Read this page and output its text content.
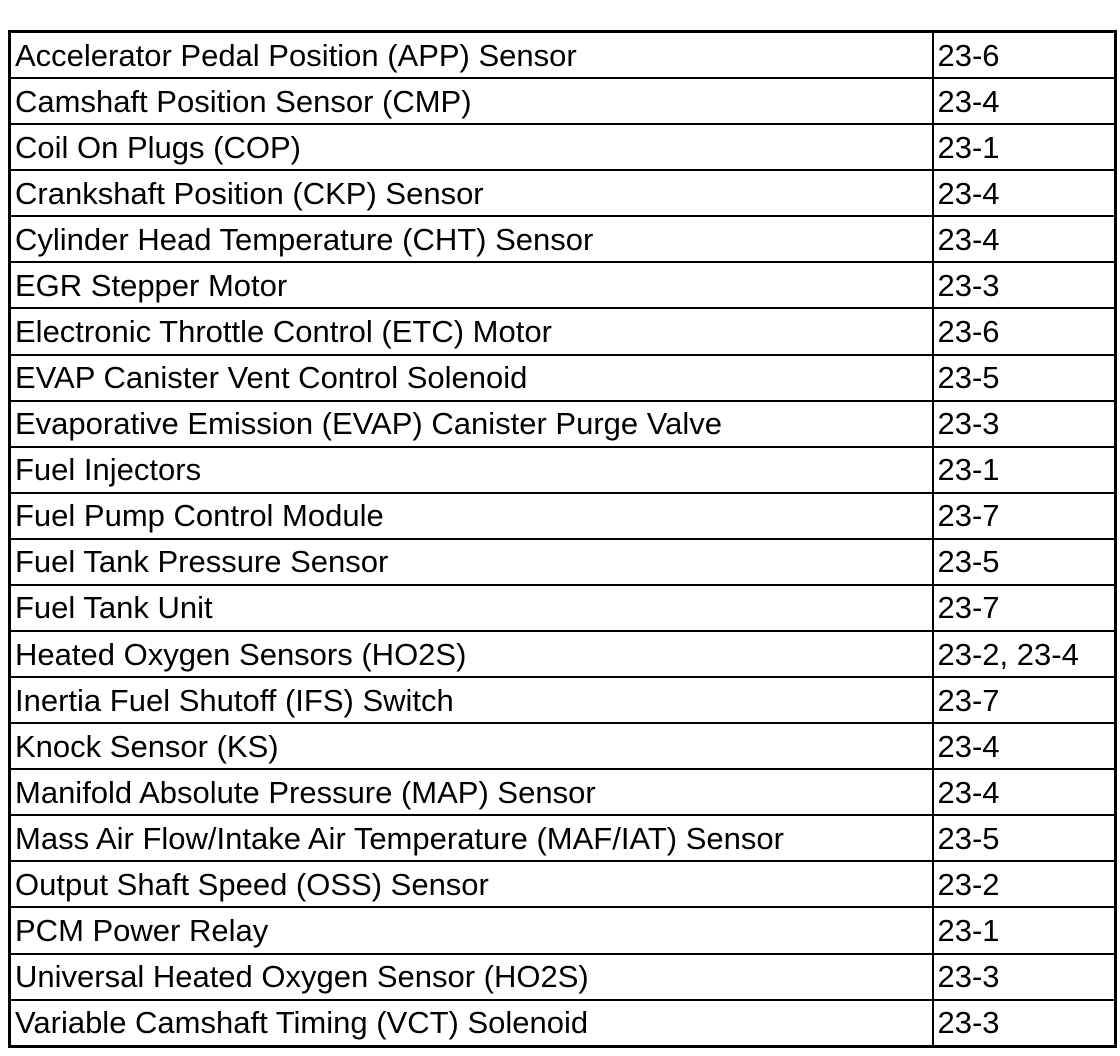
Accelerator Pedal Position (APP) Sensor	23-6
Camshaft Position Sensor (CMP)	23-4
Coil On Plugs (COP)	23-1
Crankshaft Position (CKP) Sensor	23-4
Cylinder Head Temperature (CHT) Sensor	23-4
EGR Stepper Motor	23-3
Electronic Throttle Control (ETC) Motor	23-6
EVAP Canister Vent Control Solenoid	23-5
Evaporative Emission (EVAP) Canister Purge Valve	23-3
Fuel Injectors	23-1
Fuel Pump Control Module	23-7
Fuel Tank Pressure Sensor	23-5
Fuel Tank Unit	23-7
Heated Oxygen Sensors (HO2S)	23-2, 23-4
Inertia Fuel Shutoff (IFS) Switch	23-7
Knock Sensor (KS)	23-4
Manifold Absolute Pressure (MAP) Sensor	23-4
Mass Air Flow/Intake Air Temperature (MAF/IAT) Sensor	23-5
Output Shaft Speed (OSS) Sensor	23-2
PCM Power Relay	23-1
Universal Heated Oxygen Sensor (HO2S)	23-3
Variable Camshaft Timing (VCT) Solenoid	23-3
